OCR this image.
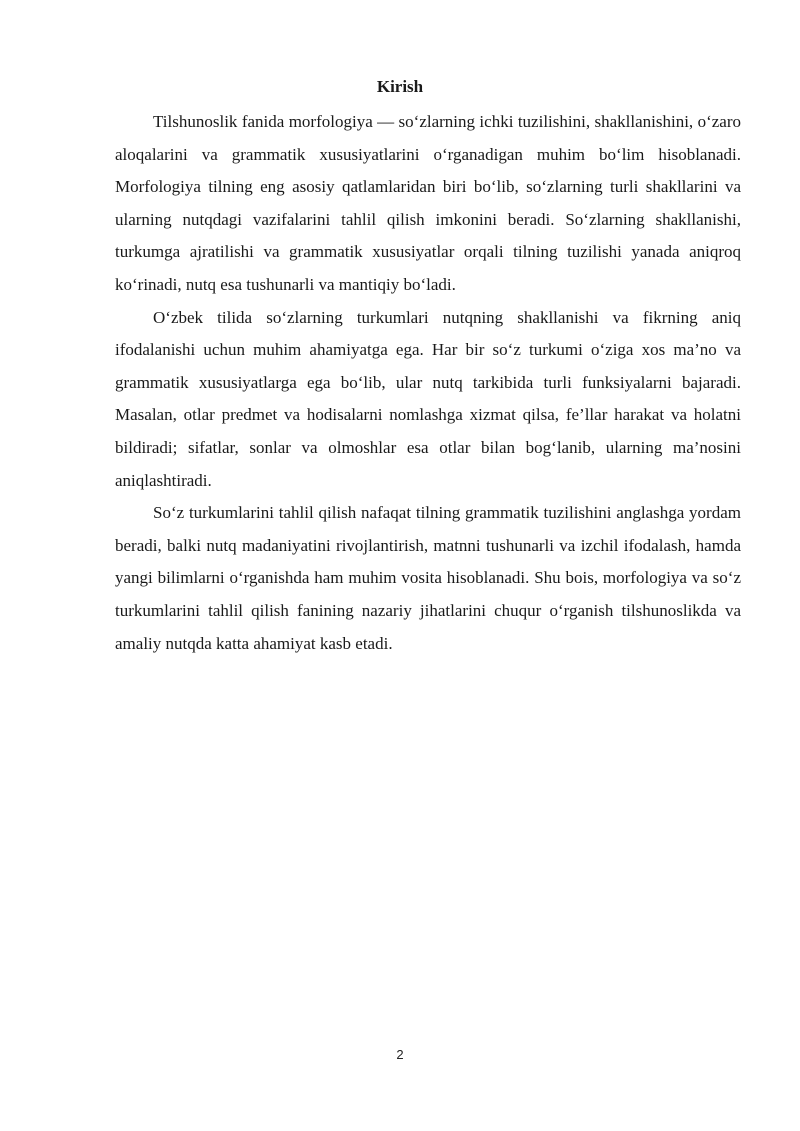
Kirish

Tilshunoslik fanida morfologiya — so‘zlarning ichki tuzilishini, shakllanishini, o‘zaro aloqalarini va grammatik xususiyatlarini o‘rganadigan muhim bo‘lim hisoblanadi. Morfologiya tilning eng asosiy qatlamlaridan biri bo‘lib, so‘zlarning turli shakllarini va ularning nutqdagi vazifalarini tahlil qilish imkonini beradi. So‘zlarning shakllanishi, turkumga ajratilishi va grammatik xususiyatlar orqali tilning tuzilishi yanada aniqroq ko‘rinadi, nutq esa tushunarli va mantiqiy bo‘ladi.

O‘zbek tilida so‘zlarning turkumlari nutqning shakllanishi va fikrning aniq ifodalanishi uchun muhim ahamiyatga ega. Har bir so‘z turkumi o‘ziga xos ma’no va grammatik xususiyatlarga ega bo‘lib, ular nutq tarkibida turli funksiyalarni bajaradi. Masalan, otlar predmet va hodisalarni nomlashga xizmat qilsa, fe’llar harakat va holatni bildiradi; sifatlar, sonlar va olmoshlar esa otlar bilan bog‘lanib, ularning ma’nosini aniqlashtiradi.

So‘z turkumlarini tahlil qilish nafaqat tilning grammatik tuzilishini anglashga yordam beradi, balki nutq madaniyatini rivojlantirish, matnni tushunarli va izchil ifodalash, hamda yangi bilimlarni o‘rganishda ham muhim vosita hisoblanadi. Shu bois, morfologiya va so‘z turkumlarini tahlil qilish fanining nazariy jihatlarini chuqur o‘rganish tilshunoslikda va amaliy nutqda katta ahamiyat kasb etadi.

2
